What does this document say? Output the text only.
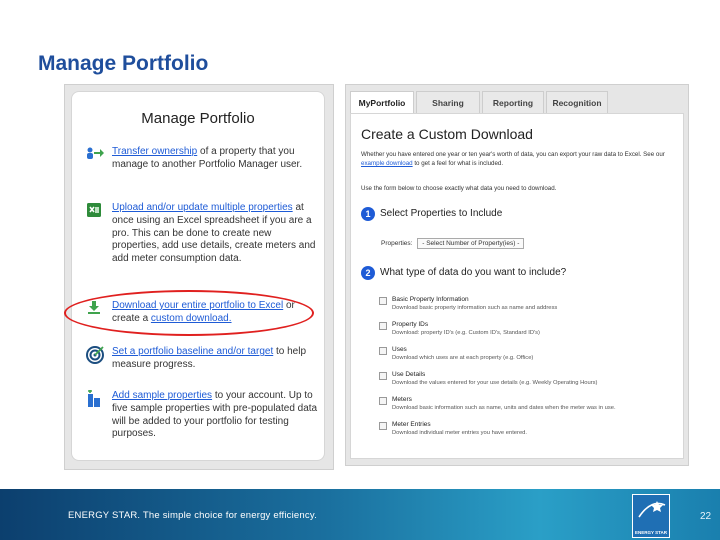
Manage Portfolio
Manage Portfolio
Transfer ownership of a property that you manage to another Portfolio Manager user.
Upload and/or update multiple properties at once using an Excel spreadsheet if you are a pro. This can be done to create new properties, add use details, create meters and add meter consumption data.
Download your entire portfolio to Excel or create a custom download.
Set a portfolio baseline and/or target to help measure progress.
Add sample properties to your account. Up to five sample properties with pre-populated data will be added to your portfolio for testing purposes.
MyPortfolio	Sharing	Reporting	Recognition
Create a Custom Download
Whether you have entered one year or ten year's worth of data, you can export your raw data to Excel. See our example download to get a feel for what is included.
Use the form below to choose exactly what data you need to download.
1 Select Properties to Include
Properties: - Select Number of Property(ies) -
2 What type of data do you want to include?
Basic Property Information
Download basic property information such as name and address
Property IDs
Download: property ID's (e.g. Custom ID's, Standard ID's)
Uses
Download which uses are at each property (e.g. Office)
Use Details
Download the values entered for your use details (e.g. Weekly Operating Hours)
Meters
Download basic information such as name, units and dates when the meter was in use.
Meter Entries
Download individual meter entries you have entered.
ENERGY STAR. The simple choice for energy efficiency.
ENERGY STAR
22
